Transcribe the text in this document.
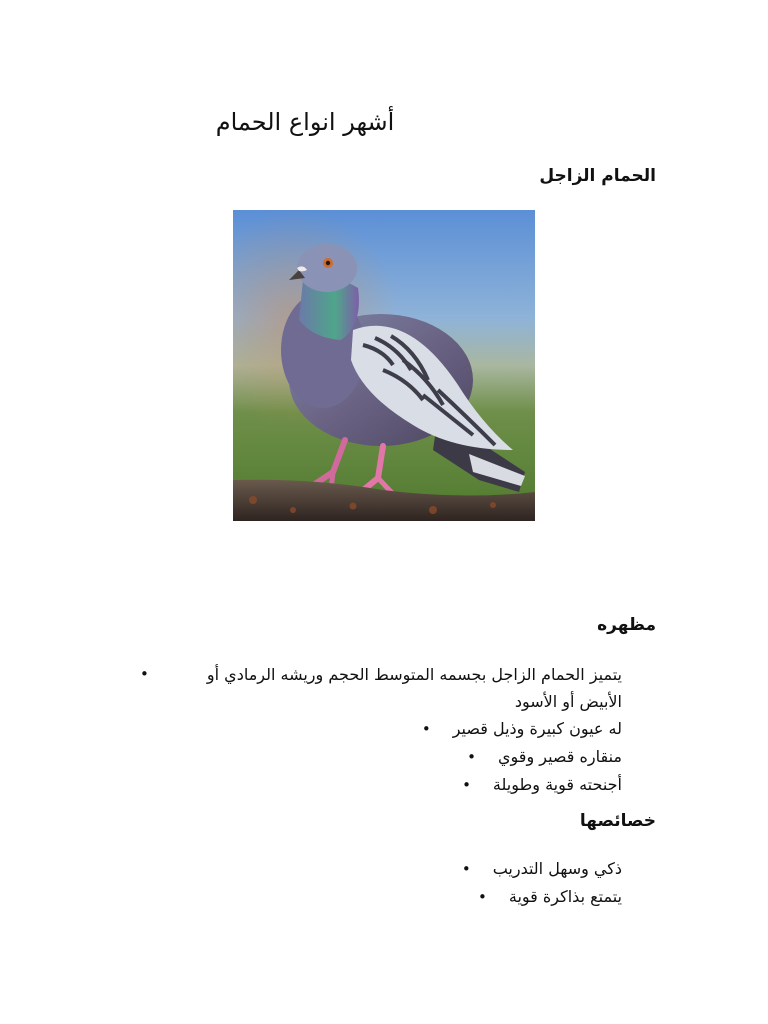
أشهر انواع الحمام
الحمام الزاجل
مظهره
يتميز الحمام الزاجل بجسمه المتوسط الحجم وريشه الرمادي أو الأبيض أو الأسود
•
له عيون كبيرة وذيل قصير•
منقاره قصير وقوي•
أجنحته قوية وطويلة•
خصائصها
ذكي وسهل التدريب•
يتمتع بذاكرة قوية•
